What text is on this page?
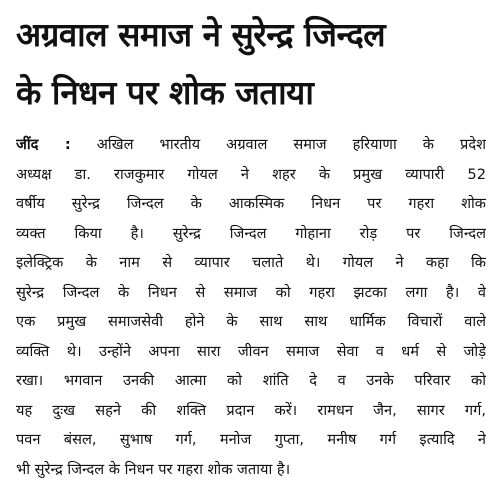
अग्रवाल समाज ने सुरेन्द्र जिन्दल
के निधन पर शोक जताया
जींद : अखिल भारतीय अग्रवाल समाज हरियाणा के प्रदेश
अध्यक्ष डा. राजकुमार गोयल ने शहर के प्रमुख व्यापारी 52
वर्षीय सुरेन्द्र जिन्दल के आकस्मिक निधन पर गहरा शोक
व्यक्त किया है। सुरेन्द्र जिन्दल गोहाना रोड़ पर जिन्दल
इलेक्ट्रिक के नाम से व्यापार चलाते थे। गोयल ने कहा कि
सुरेन्द्र जिन्दल के निधन से समाज को गहरा झटका लगा है। वे
एक प्रमुख समाजसेवी होने के साथ साथ धार्मिक विचारों वाले
व्यक्ति थे। उन्होंने अपना सारा जीवन समाज सेवा व धर्म से जोड़े
रखा। भगवान उनकी आत्मा को शांति दे व उनके परिवार को
यह दुःख सहने की शक्ति प्रदान करें। रामधन जैन, सागर गर्ग,
पवन बंसल, सुभाष गर्ग, मनोज गुप्ता, मनीष गर्ग इत्यादि ने
भी सुरेन्द्र जिन्दल के निधन पर गहरा शोक जताया है।
